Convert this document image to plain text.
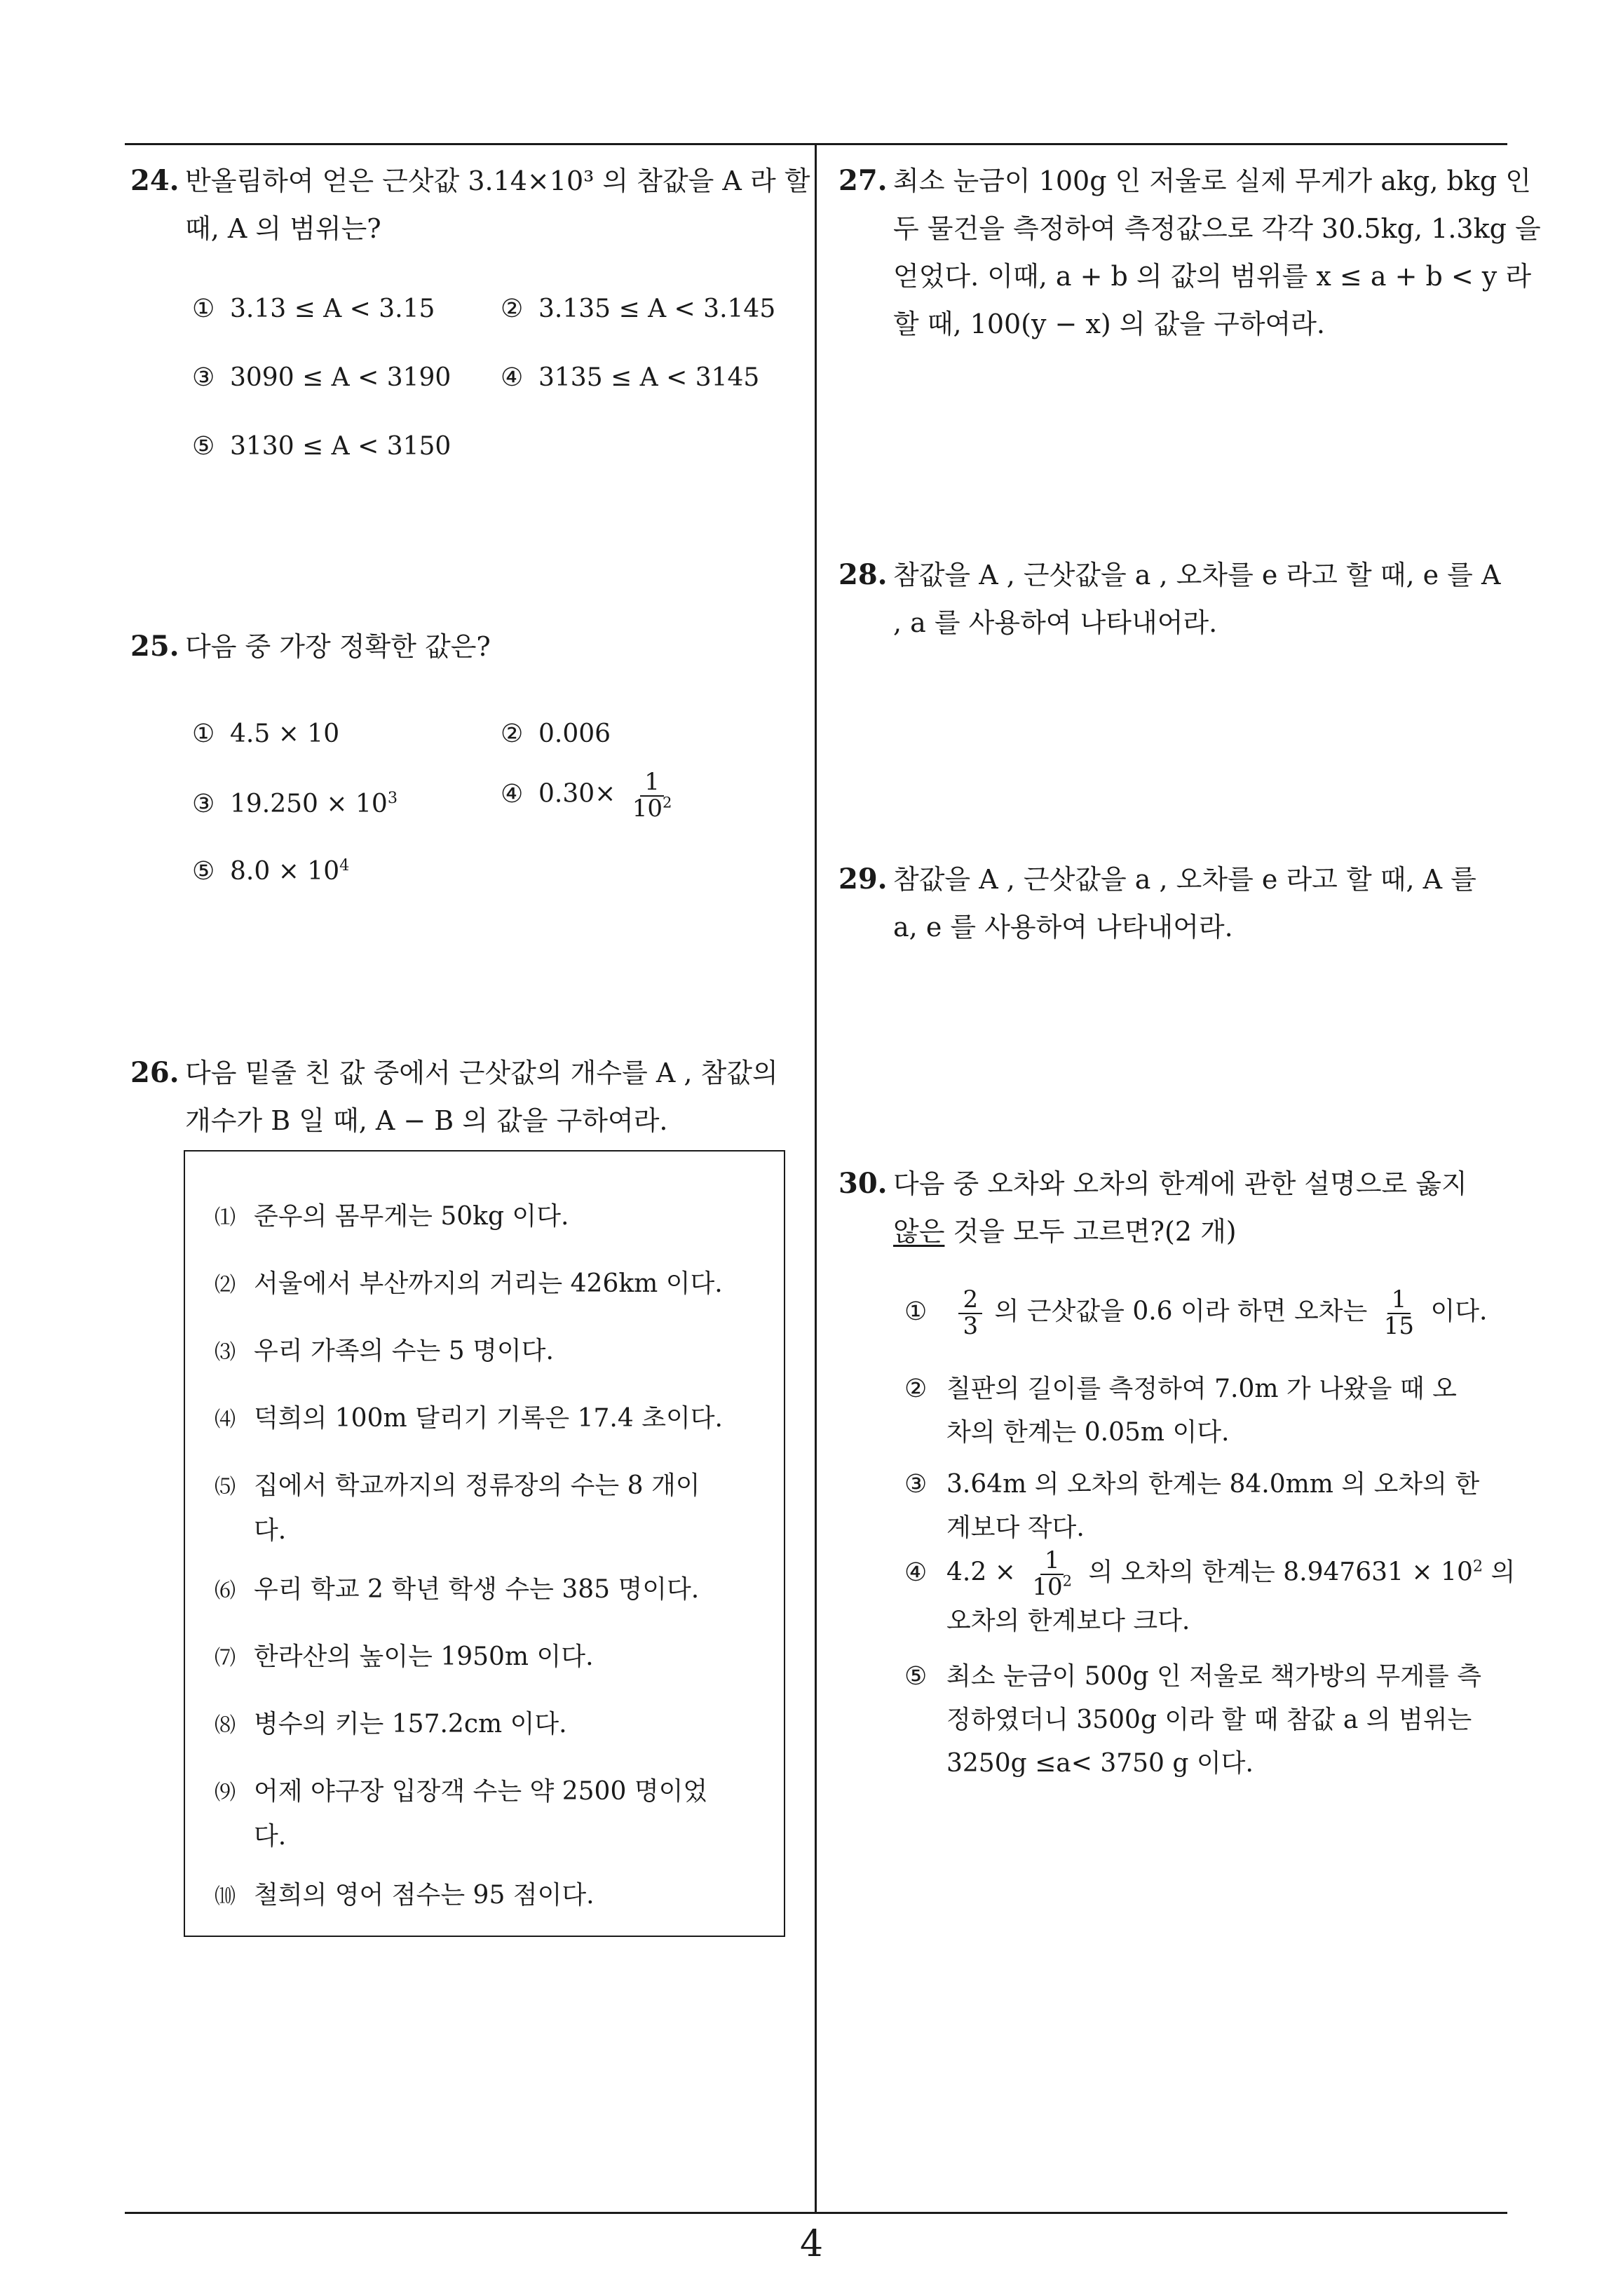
24. 반올림하여 얻은 근삿값 3.14×10³ 의 참값을 A 라 할
때, A 의 범위는?
① 3.13 ≤ A < 3.15	② 3.135 ≤ A < 3.145
③ 3090 ≤ A < 3190 ④ 3135 ≤ A < 3145
⑤ 3130 ≤ A < 3150
25. 다음 중 가장 정확한 값은?
① 4.5 × 10	② 0.006
③ $19.250 \times 10^3$	④ $0.30\times \frac{1}{10^2}$
⑤ $8.0 \times 10^4$
26. 다음 밑줄 친 값 중에서 근삿값의 개수를 A , 참값의
개수가 B 일 때, A − B 의 값을 구하여라.
⑴ 준우의 몸무게는 50kg 이다.
⑵ 서울에서 부산까지의 거리는 426km 이다.
⑶ 우리 가족의 수는 5 명이다.
⑷ 덕희의 100m 달리기 기록은 17.4 초이다.
⑸ 집에서 학교까지의 정류장의 수는 8 개이
다.
⑹ 우리 학교 2 학년 학생 수는 385 명이다.
⑺ 한라산의 높이는 1950m 이다.
⑻ 병수의 키는 157.2cm 이다.
⑼ 어제 야구장 입장객 수는 약 2500 명이었
다.
⑽ 철희의 영어 점수는 95 점이다.
27. 최소 눈금이 100g 인 저울로 실제 무게가 akg, bkg 인
두 물건을 측정하여 측정값으로 각각 30.5kg, 1.3kg 을
얻었다. 이때, a + b 의 값의 범위를 x ≤ a + b < y 라
할 때, 100(y − x) 의 값을 구하여라.
28. 참값을 A , 근삿값을 a , 오차를 e 라고 할 때, e 를 A
, a 를 사용하여 나타내어라.
29. 참값을 A , 근삿값을 a , 오차를 e 라고 할 때, A 를
a, e 를 사용하여 나타내어라.
30. 다음 중 오차와 오차의 한계에 관한 설명으로 옳지
않은 것을 모두 고르면?(2 개)
① $\frac{2}{3}$ 의 근삿값을 0.6 이라 하면 오차는 $\frac{1}{15}$ 이다.
② 칠판의 길이를 측정하여 7.0m 가 나왔을 때 오
차의 한계는 0.05m 이다.
③ 3.64m 의 오차의 한계는 84.0mm 의 오차의 한
계보다 작다.
④ $4.2 \times \frac{1}{10^2}$ 의 오차의 한계는 $8.947631 \times 10^2$ 의
오차의 한계보다 크다.
⑤ 최소 눈금이 500g 인 저울로 책가방의 무게를 측
정하였더니 3500g 이라 할 때 참값 a 의 범위는
3250g ≤a< 3750 g 이다.
4
